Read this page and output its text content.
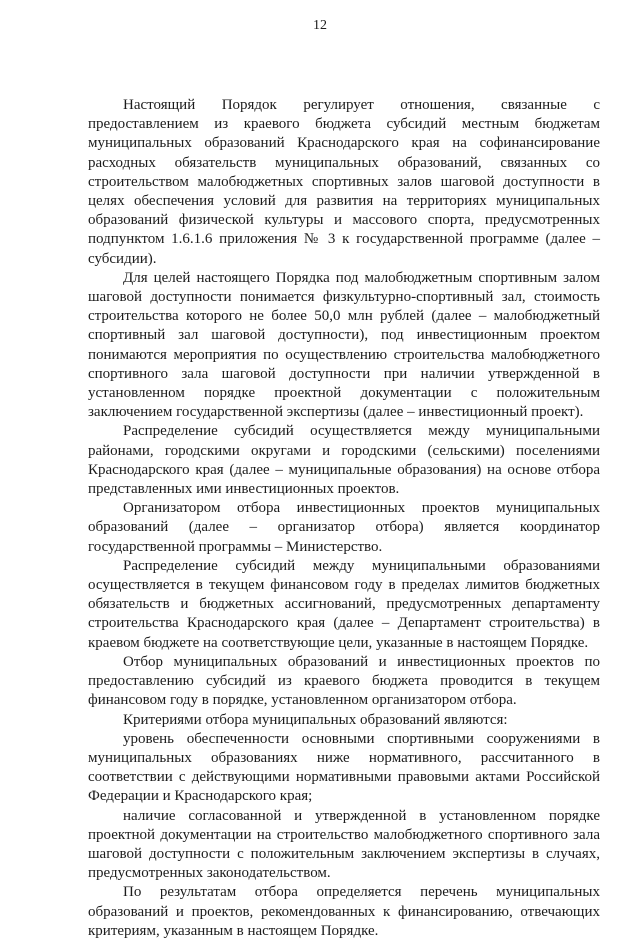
12

Настоящий Порядок регулирует отношения, связанные с предоставлением из краевого бюджета субсидий местным бюджетам муниципальных образований Краснодарского края на софинансирование расходных обязательств муниципальных образований, связанных со строительством малобюджетных спортивных залов шаговой доступности в целях обеспечения условий для развития на территориях муниципальных образований физической культуры и массового спорта, предусмотренных подпунктом 1.6.1.6 приложения № 3 к государственной программе (далее – субсидии).

Для целей настоящего Порядка под малобюджетным спортивным залом шаговой доступности понимается физкультурно-спортивный зал, стоимость строительства которого не более 50,0 млн рублей (далее – малобюджетный спортивный зал шаговой доступности), под инвестиционным проектом понимаются мероприятия по осуществлению строительства малобюджетного спортивного зала шаговой доступности при наличии утвержденной в установленном порядке проектной документации с положительным заключением государственной экспертизы (далее – инвестиционный проект).

Распределение субсидий осуществляется между муниципальными районами, городскими округами и городскими (сельскими) поселениями Краснодарского края (далее – муниципальные образования) на основе отбора представленных ими инвестиционных проектов.

Организатором отбора инвестиционных проектов муниципальных образований (далее – организатор отбора) является координатор государственной программы – Министерство.

Распределение субсидий между муниципальными образованиями осуществляется в текущем финансовом году в пределах лимитов бюджетных обязательств и бюджетных ассигнований, предусмотренных департаменту строительства Краснодарского края (далее – Департамент строительства) в краевом бюджете на соответствующие цели, указанные в настоящем Порядке.

Отбор муниципальных образований и инвестиционных проектов по предоставлению субсидий из краевого бюджета проводится в текущем финансовом году в порядке, установленном организатором отбора.

Критериями отбора муниципальных образований являются:

уровень обеспеченности основными спортивными сооружениями в муниципальных образованиях ниже нормативного, рассчитанного в соответствии с действующими нормативными правовыми актами Российской Федерации и Краснодарского края;

наличие согласованной и утвержденной в установленном порядке проектной документации на строительство малобюджетного спортивного зала шаговой доступности с положительным заключением экспертизы в случаях, предусмотренных законодательством.

По результатам отбора определяется перечень муниципальных образований и проектов, рекомендованных к финансированию, отвечающих критериям, указанным в настоящем Порядке.
